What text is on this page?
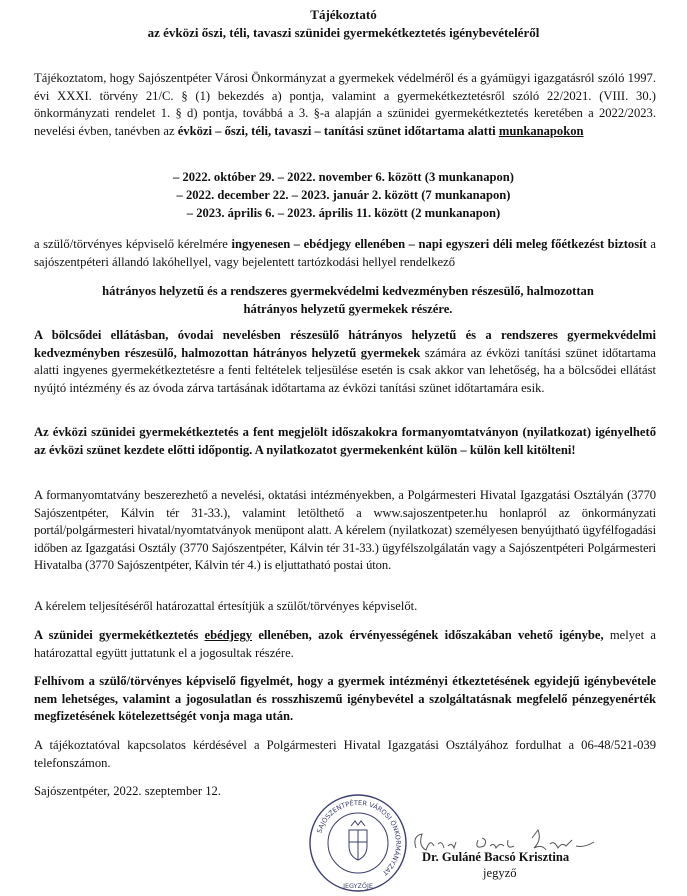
Tájékoztató
az évközi őszi, téli, tavaszi szünidei gyermekétkeztetés igénybevételéről
Tájékoztatom, hogy Sajószentpéter Városi Önkormányzat a gyermekek védelméről és a gyámügyi igazgatásról szóló 1997. évi XXXI. törvény 21/C. § (1) bekezdés a) pontja, valamint a gyermekétkeztetésről szóló 22/2021. (VIII. 30.) önkormányzati rendelet 1. § d) pontja, továbbá a 3. §-a alapján a szünidei gyermekétkeztetés keretében a 2022/2023. nevelési évben, tanévben az évközi – őszi, téli, tavaszi – tanítási szünet időtartama alatti munkanapokon
– 2022. október 29. – 2022. november 6. között (3 munkanapon)
– 2022. december 22. – 2023. január 2. között (7 munkanapon)
– 2023. április 6. – 2023. április 11. között (2 munkanapon)
a szülő/törvényes képviselő kérelmére ingyenesen – ebédjegy ellenében – napi egyszeri déli meleg főétkezést biztosít a sajószentpéteri állandó lakóhellyel, vagy bejelentett tartózkodási hellyel rendelkező
hátrányos helyzetű és a rendszeres gyermekvédelmi kedvezményben részesülő, halmozottan hátrányos helyzetű gyermekek részére.
A bölcsődei ellátásban, óvodai nevelésben részesülő hátrányos helyzetű és a rendszeres gyermekvédelmi kedvezményben részesülő, halmozottan hátrányos helyzetű gyermekek számára az évközi tanítási szünet időtartama alatti ingyenes gyermekétkeztetésre a fenti feltételek teljesülése esetén is csak akkor van lehetőség, ha a bölcsődei ellátást nyújtó intézmény és az óvoda zárva tartásának időtartama az évközi tanítási szünet időtartamára esik.
Az évközi szünidei gyermekétkeztetés a fent megjelölt időszakokra formanyomtatványon (nyilatkozat) igényelhető az évközi szünet kezdete előtti időpontig. A nyilatkozatot gyermekenként külön – külön kell kitölteni!
A formanyomtatvány beszerezhető a nevelési, oktatási intézményekben, a Polgármesteri Hivatal Igazgatási Osztályán (3770 Sajószentpéter, Kálvin tér 31-33.), valamint letölthető a www.sajoszentpeter.hu honlapról az önkormányzati portál/polgármesteri hivatal/nyomtatványok menüpont alatt. A kérelem (nyilatkozat) személyesen benyújtható ügyfélfogadási időben az Igazgatási Osztály (3770 Sajószentpéter, Kálvin tér 31-33.) ügyfélszolgálatán vagy a Sajószentpéteri Polgármesteri Hivatalba (3770 Sajószentpéter, Kálvin tér 4.) is eljuttatható postai úton.
A kérelem teljesítéséről határozattal értesítjük a szülőt/törvényes képviselőt.
A szünidei gyermekétkeztetés ebédjegy ellenében, azok érvényességének időszakában vehető igénybe, melyet a határozattal együtt juttatunk el a jogosultak részére.
Felhívom a szülő/törvényes képviselő figyelmét, hogy a gyermek intézményi étkeztetésének egyidejű igénybevétele nem lehetséges, valamint a jogosulatlan és rosszhiszemű igénybevétel a szolgáltatásnak megfelelő pénzegyenérték megfizetésének kötelezettségét vonja maga után.
A tájékoztatóval kapcsolatos kérdésével a Polgármesteri Hivatal Igazgatási Osztályához fordulhat a 06-48/521-039 telefonszámon.
Sajószentpéter, 2022. szeptember 12.
SAJÓSZENTPÉTER VÁROSI ÖNKORMÁNYZAT
JEGYZŐJE
Dr. Guláné Bacsó Krisztina
jegyző
